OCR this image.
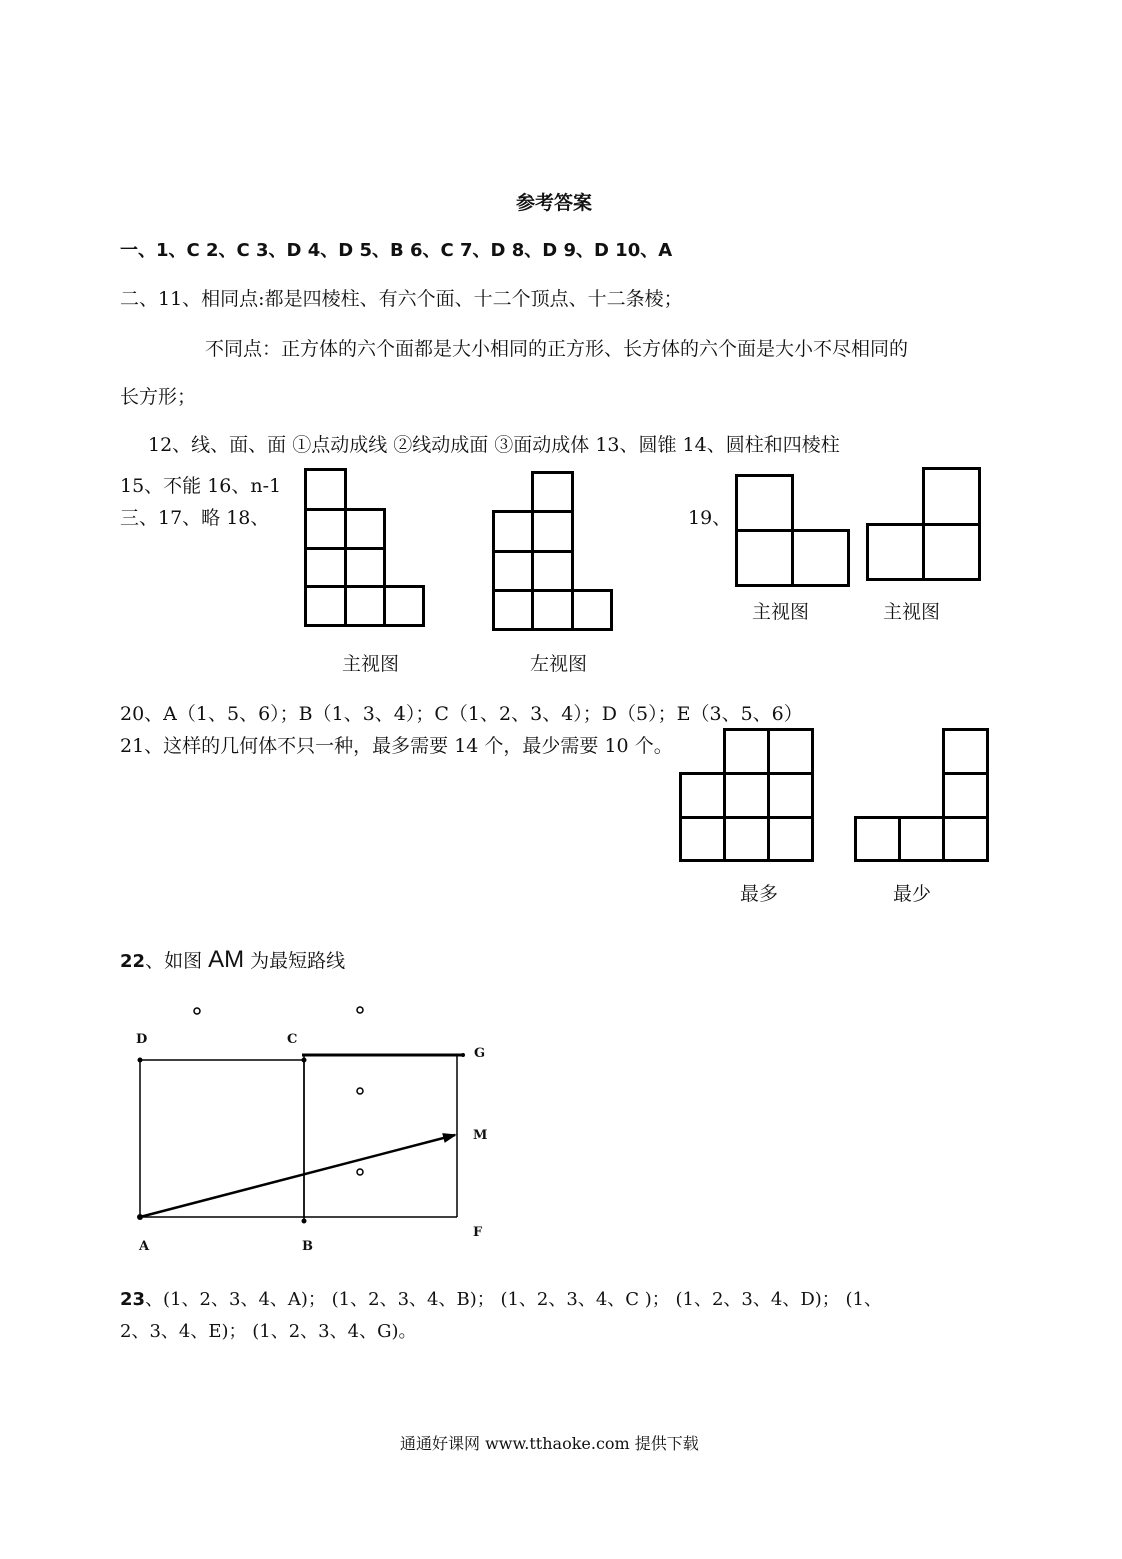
参考答案
一、1、C 2、C 3、D 4、D 5、B 6、C 7、D 8、D 9、D 10、A
二、11、相同点:都是四棱柱、有六个面、十二个顶点、十二条棱；
不同点：正方体的六个面都是大小相同的正方形、长方体的六个面是大小不尽相同的
长方形；
12、线、面、面 ①点动成线 ②线动成面 ③面动成体 13、圆锥 14、圆柱和四棱柱
15、不能 16、n-1
三、17、略 18、
主视图	左视图
19、
主视图	主视图
20、A（1、5、6）；B（1、3、4）；C（1、2、3、4）；D（5）；E（3、5、6）
21、这样的几何体不只一种，最多需要 14 个，最少需要 10 个。
最多	最少
22、如图 AM 为最短路线
D	C
G
M
A	B
F
23、(1、2、3、4、A)； (1、2、3、4、B)； (1、2、3、4、C )； (1、2、3、4、D)； (1、
2、3、4、E)； (1、2、3、4、G)。
通通好课网 www.tthaoke.com 提供下载
